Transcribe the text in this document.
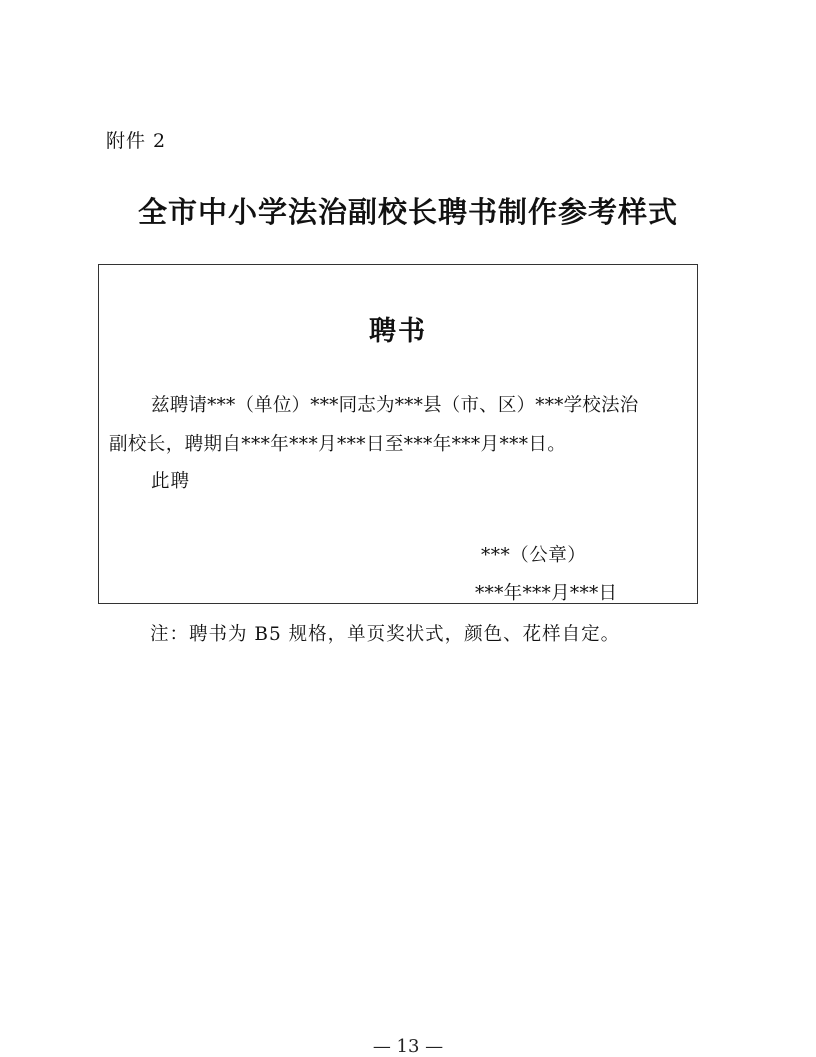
附件 2
全市中小学法治副校长聘书制作参考样式
聘书
兹聘请***（单位）***同志为***县（市、区）***学校法治
副校长，聘期自***年***月***日至***年***月***日。
此聘
***（公章）
***年***月***日
注：聘书为 B5 规格，单页奖状式，颜色、花样自定。
— 13 —
